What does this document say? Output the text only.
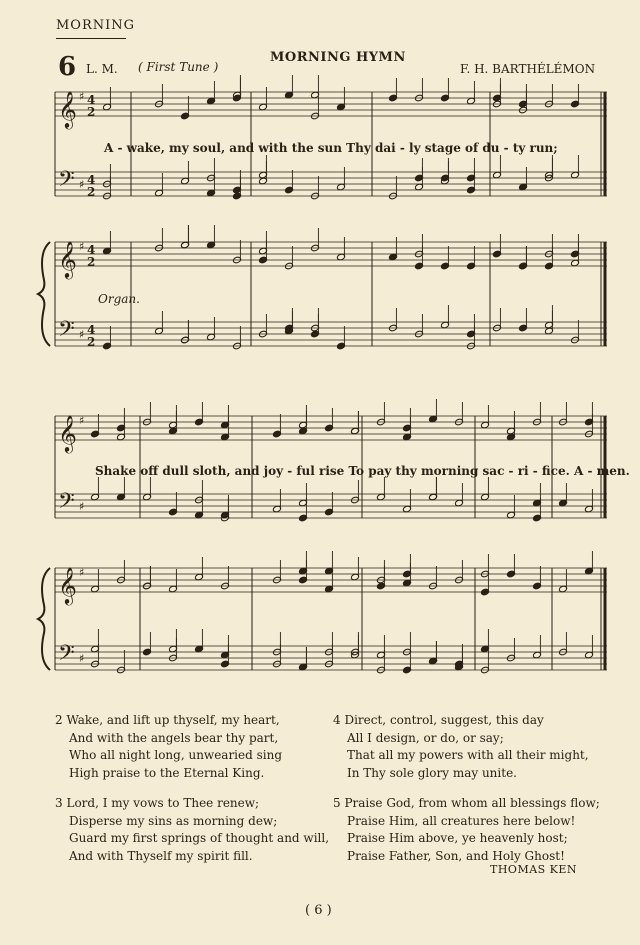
MORNING
6 L. M. ( First Tune )
MORNING HYMN
F. H. BARTHÉLÉMON
𝄞 ♯ 4
2
𝄢 ♯ 4
2
𝄞 ♯ 4
2
𝄢 ♯ 4
2
𝄞 ♯
𝄢 ♯
𝄞 ♯
𝄢 ♯
A - wake, my soul, and with the sun Thy dai - ly stage of du - ty run;
Organ.
Shake off dull sloth, and joy - ful rise To pay thy morning sac - ri - fice. A - men.
2 Wake, and lift up thyself, my heart,
And with the angels bear thy part,
Who all night long, unwearied sing
High praise to the Eternal King.
3 Lord, I my vows to Thee renew;
Disperse my sins as morning dew;
Guard my first springs of thought and will,
And with Thyself my spirit fill.
4 Direct, control, suggest, this day
All I design, or do, or say;
That all my powers with all their might,
In Thy sole glory may unite.
5 Praise God, from whom all blessings flow;
Praise Him, all creatures here below!
Praise Him above, ye heavenly host;
Praise Father, Son, and Holy Ghost!
THOMAS KEN
( 6 )
